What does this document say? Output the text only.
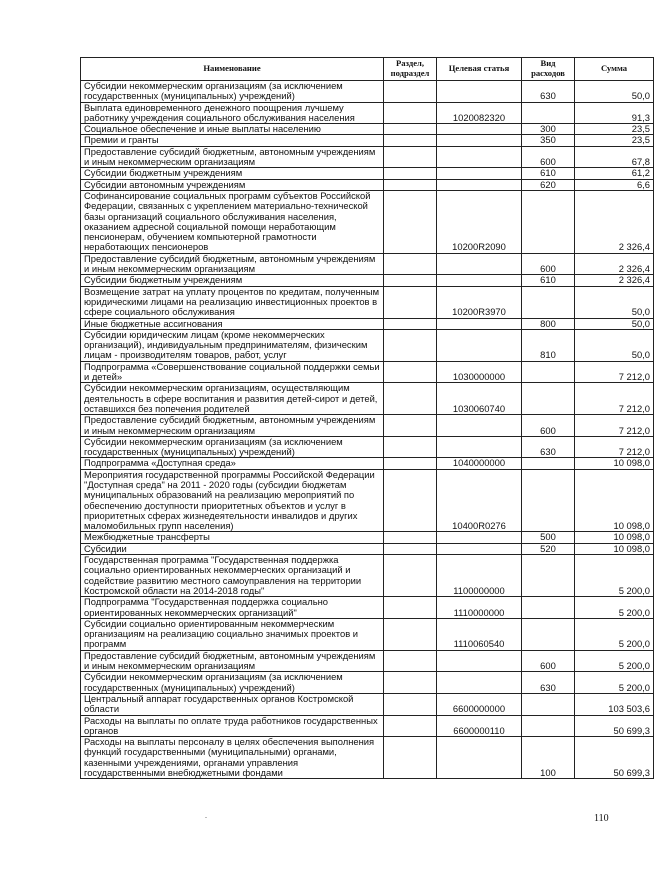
Наименование	Раздел, подраздел	Целевая статья	Вид расходов	Сумма
Субсидии некоммерческим организациям (за исключением государственных (муниципальных) учреждений)			630	50,0
Выплата единовременного денежного поощрения лучшему работнику учреждения социального обслуживания населения		1020082320		91,3
Социальное обеспечение и иные выплаты населению			300	23,5
Премии и гранты			350	23,5
Предоставление субсидий бюджетным, автономным учреждениям и иным некоммерческим организациям			600	67,8
Субсидии бюджетным учреждениям			610	61,2
Субсидии автономным учреждениям			620	6,6
Софинансирование социальных программ субъектов Российской Федерации, связанных с укреплением материально-технической базы организаций социального обслуживания населения, оказанием адресной социальной помощи неработающим пенсионерам, обучением компьютерной грамотности неработающих пенсионеров		10200R2090		2 326,4
Предоставление субсидий бюджетным, автономным учреждениям и иным некоммерческим организациям			600	2 326,4
Субсидии бюджетным учреждениям			610	2 326,4
Возмещение затрат на уплату процентов по кредитам, полученным юридическими лицами на реализацию инвестиционных проектов в сфере социального обслуживания		10200R3970		50,0
Иные бюджетные ассигнования			800	50,0
Субсидии юридическим лицам (кроме некоммерческих организаций), индивидуальным предпринимателям, физическим лицам - производителям товаров, работ, услуг			810	50,0
Подпрограмма «Совершенствование социальной поддержки семьи и детей»		1030000000		7 212,0
Субсидии некоммерческим организациям, осуществляющим деятельность в сфере воспитания и развития детей-сирот и детей, оставшихся без попечения родителей		1030060740		7 212,0
Предоставление субсидий бюджетным, автономным учреждениям и иным некоммерческим организациям			600	7 212,0
Субсидии некоммерческим организациям (за исключением государственных (муниципальных) учреждений)			630	7 212,0
Подпрограмма «Доступная среда»		1040000000		10 098,0
Мероприятия государственной программы Российской Федерации "Доступная среда" на 2011 - 2020 годы (субсидии бюджетам муниципальных образований на реализацию мероприятий по обеспечению доступности приоритетных объектов и услуг в приоритетных сферах жизнедеятельности инвалидов и других маломобильных групп населения)		10400R0276		10 098,0
Межбюджетные трансферты			500	10 098,0
Субсидии			520	10 098,0
Государственная программа "Государственная поддержка социально ориентированных некоммерческих организаций и содействие развитию местного самоуправления на территории Костромской области на 2014-2018 годы"		1100000000		5 200,0
Подпрограмма "Государственная поддержка социально ориентированных некоммерческих организаций"		1110000000		5 200,0
Субсидии социально ориентированным некоммерческим организациям на реализацию социально значимых проектов и программ		1110060540		5 200,0
Предоставление субсидий бюджетным, автономным учреждениям и иным некоммерческим организациям			600	5 200,0
Субсидии некоммерческим организациям (за исключением государственных (муниципальных) учреждений)			630	5 200,0
Центральный аппарат государственных органов Костромской области		6600000000		103 503,6
Расходы на выплаты по оплате труда работников государственных органов		6600000110		50 699,3
Расходы на выплаты персоналу в целях обеспечения выполнения функций государственными (муниципальными) органами, казенными учреждениями, органами управления государственными внебюджетными фондами			100	50 699,3
110
